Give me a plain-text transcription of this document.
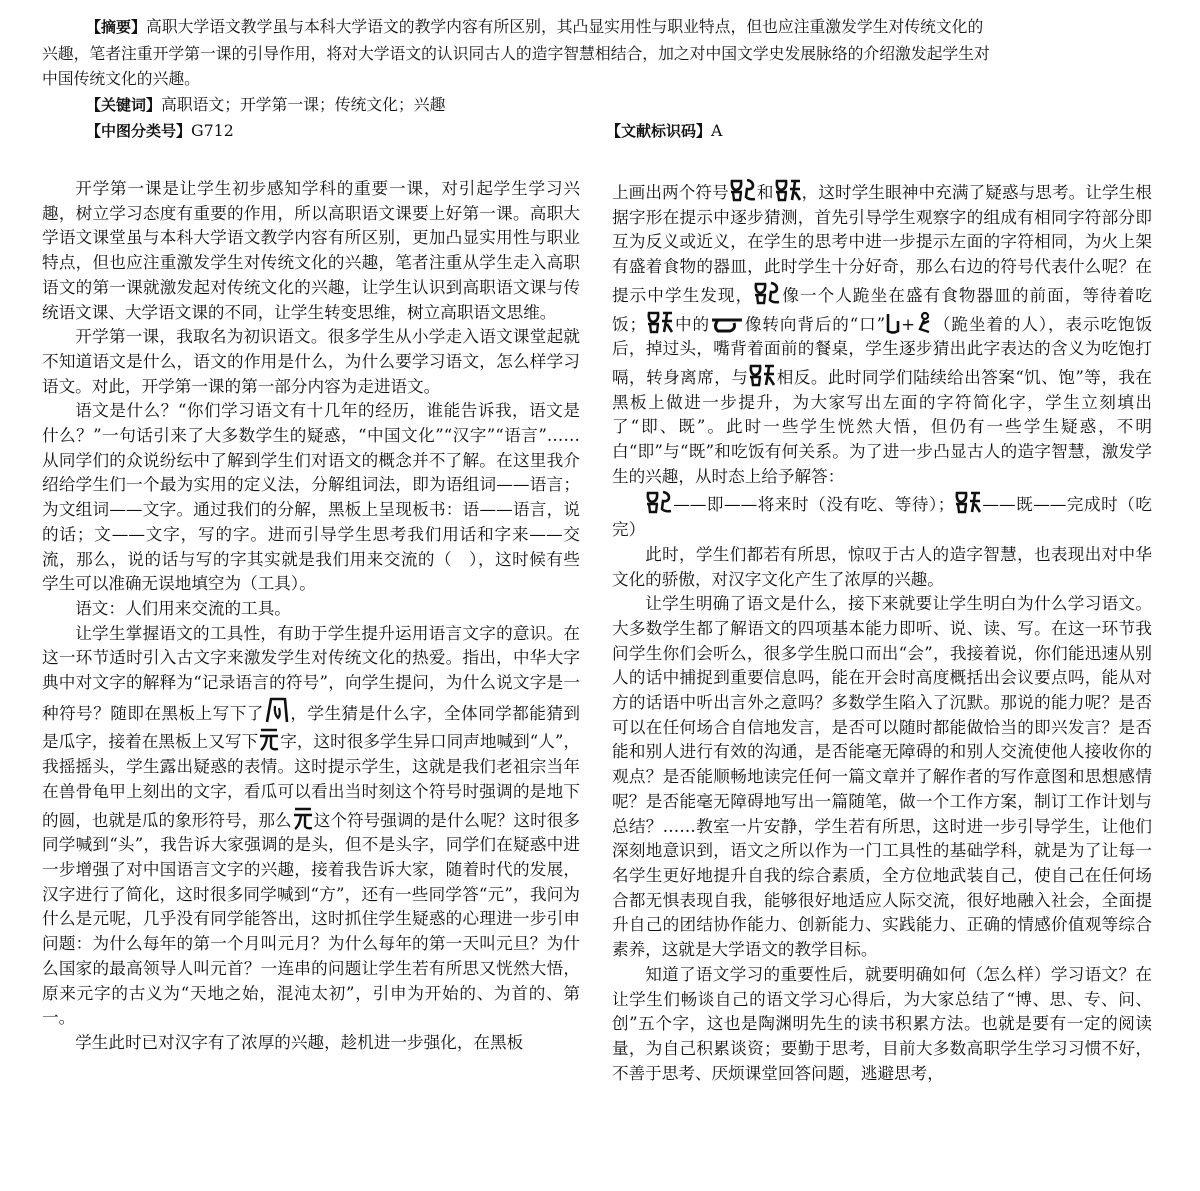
【摘要】高职大学语文教学虽与本科大学语文的教学内容有所区别，其凸显实用性与职业特点，但也应注重激发学生对传统文化的
兴趣，笔者注重开学第一课的引导作用，将对大学语文的认识同古人的造字智慧相结合，加之对中国文学史发展脉络的介绍激发起学生对
中国传统文化的兴趣。
【关键词】高职语文；开学第一课；传统文化；兴趣
【中图分类号】G712	【文献标识码】A

开学第一课是让学生初步感知学科的重要一课，对引起学生学习兴趣，树立学习态度有重要的作用，所以高职语文课要上好第一课。高职大学语文课堂虽与本科大学语文教学内容有所区别，更加凸显实用性与职业特点，但也应注重激发学生对传统文化的兴趣，笔者注重从学生走入高职语文的第一课就激发起对传统文化的兴趣，让学生认识到高职语文课与传统语文课、大学语文课的不同，让学生转变思维，树立高职语文思维。

开学第一课，我取名为初识语文。很多学生从小学走入语文课堂起就不知道语文是什么，语文的作用是什么，为什么要学习语文，怎么样学习语文。对此，开学第一课的第一部分内容为走进语文。

语文是什么？“你们学习语文有十几年的经历，谁能告诉我，语文是什么？”一句话引来了大多数学生的疑惑，“中国文化”“汉字”“语言”……从同学们的众说纷纭中了解到学生们对语文的概念并不了解。在这里我介绍给学生们一个最为实用的定义法，分解组词法，即为语组词——语言；为文组词——文字。通过我们的分解，黑板上呈现板书：语——语言，说的话；文——文字，写的字。进而引导学生思考我们用话和字来——交流，那么，说的话与写的字其实就是我们用来交流的（　），这时候有些学生可以准确无误地填空为（工具）。

语文：人们用来交流的工具。

让学生掌握语文的工具性，有助于学生提升运用语言文字的意识。在这一环节适时引入古文字来激发学生对传统文化的热爱。指出，中华大字典中对文字的解释为“记录语言的符号”，向学生提问，为什么说文字是一种符号？随即在黑板上写下了 ，学生猜是什么字，全体同学都能猜到是瓜字，接着在黑板上又写下 字，这时很多学生异口同声地喊到“人”，我摇摇头，学生露出疑惑的表情。这时提示学生，这就是我们老祖宗当年在兽骨龟甲上刻出的文字，看瓜可以看出当时刻这个符号时强调的是地下的圆，也就是瓜的象形符号，那么 这个符号强调的是什么呢？这时很多同学喊到“头”，我告诉大家强调的是头，但不是头字，同学们在疑惑中进一步增强了对中国语言文字的兴趣，接着我告诉大家，随着时代的发展，汉字进行了简化，这时很多同学喊到“方”，还有一些同学答“元”，我问为什么是元呢，几乎没有同学能答出，这时抓住学生疑惑的心理进一步引申问题：为什么每年的第一个月叫元月？为什么每年的第一天叫元旦？为什么国家的最高领导人叫元首？一连串的问题让学生若有所思又恍然大悟，原来元字的古义为“天地之始，混沌太初”，引申为开始的、为首的、第一。

学生此时已对汉字有了浓厚的兴趣，趁机进一步强化，在黑板

上画出两个符号 和 ，这时学生眼神中充满了疑惑与思考。让学生根据字形在提示中逐步猜测，首先引导学生观察字的组成有相同字符部分即互为反义或近义，在学生的思考中进一步提示左面的字符相同，为火上架有盛着食物的器皿，此时学生十分好奇，那么右边的符号代表什么呢？在提示中学生发现， 像一个人跪坐在盛有食物器皿的前面，等待着吃饭； 中的 像转向背后的“口” + （跪坐着的人），表示吃饱饭后，掉过头，嘴背着面前的餐桌，学生逐步猜出此字表达的含义为吃饱打嗝，转身离席，与 相反。此时同学们陆续给出答案“饥、饱”等，我在黑板上做进一步提升，为大家写出左面的字符简化字，学生立刻填出了“即、既”。此时一些学生恍然大悟，但仍有一些学生疑惑，不明白“即”与“既”和吃饭有何关系。为了进一步凸显古人的造字智慧，激发学生的兴趣，从时态上给予解答：

——即——将来时（没有吃、等待）； ——既——完成时（吃完）

此时，学生们都若有所思，惊叹于古人的造字智慧，也表现出对中华文化的骄傲，对汉字文化产生了浓厚的兴趣。

让学生明确了语文是什么，接下来就要让学生明白为什么学习语文。大多数学生都了解语文的四项基本能力即听、说、读、写。在这一环节我问学生你们会听么，很多学生脱口而出“会”，我接着说，你们能迅速从别人的话中捕捉到重要信息吗，能在开会时高度概括出会议要点吗，能从对方的话语中听出言外之意吗？多数学生陷入了沉默。那说的能力呢？是否可以在任何场合自信地发言，是否可以随时都能做恰当的即兴发言？是否能和别人进行有效的沟通，是否能毫无障碍的和别人交流使他人接收你的观点？是否能顺畅地读完任何一篇文章并了解作者的写作意图和思想感情呢？是否能毫无障碍地写出一篇随笔，做一个工作方案，制订工作计划与总结？……教室一片安静，学生若有所思，这时进一步引导学生，让他们深刻地意识到，语文之所以作为一门工具性的基础学科，就是为了让每一名学生更好地提升自我的综合素质，全方位地武装自己，使自己在任何场合都无惧表现自我，能够很好地适应人际交流，很好地融入社会，全面提升自己的团结协作能力、创新能力、实践能力、正确的情感价值观等综合素养，这就是大学语文的教学目标。

知道了语文学习的重要性后，就要明确如何（怎么样）学习语文？在让学生们畅谈自己的语文学习心得后，为大家总结了“博、思、专、问、创”五个字，这也是陶渊明先生的读书积累方法。也就是要有一定的阅读量，为自己积累谈资；要勤于思考，目前大多数高职学生学习习惯不好，不善于思考、厌烦课堂回答问题，逃避思考，
